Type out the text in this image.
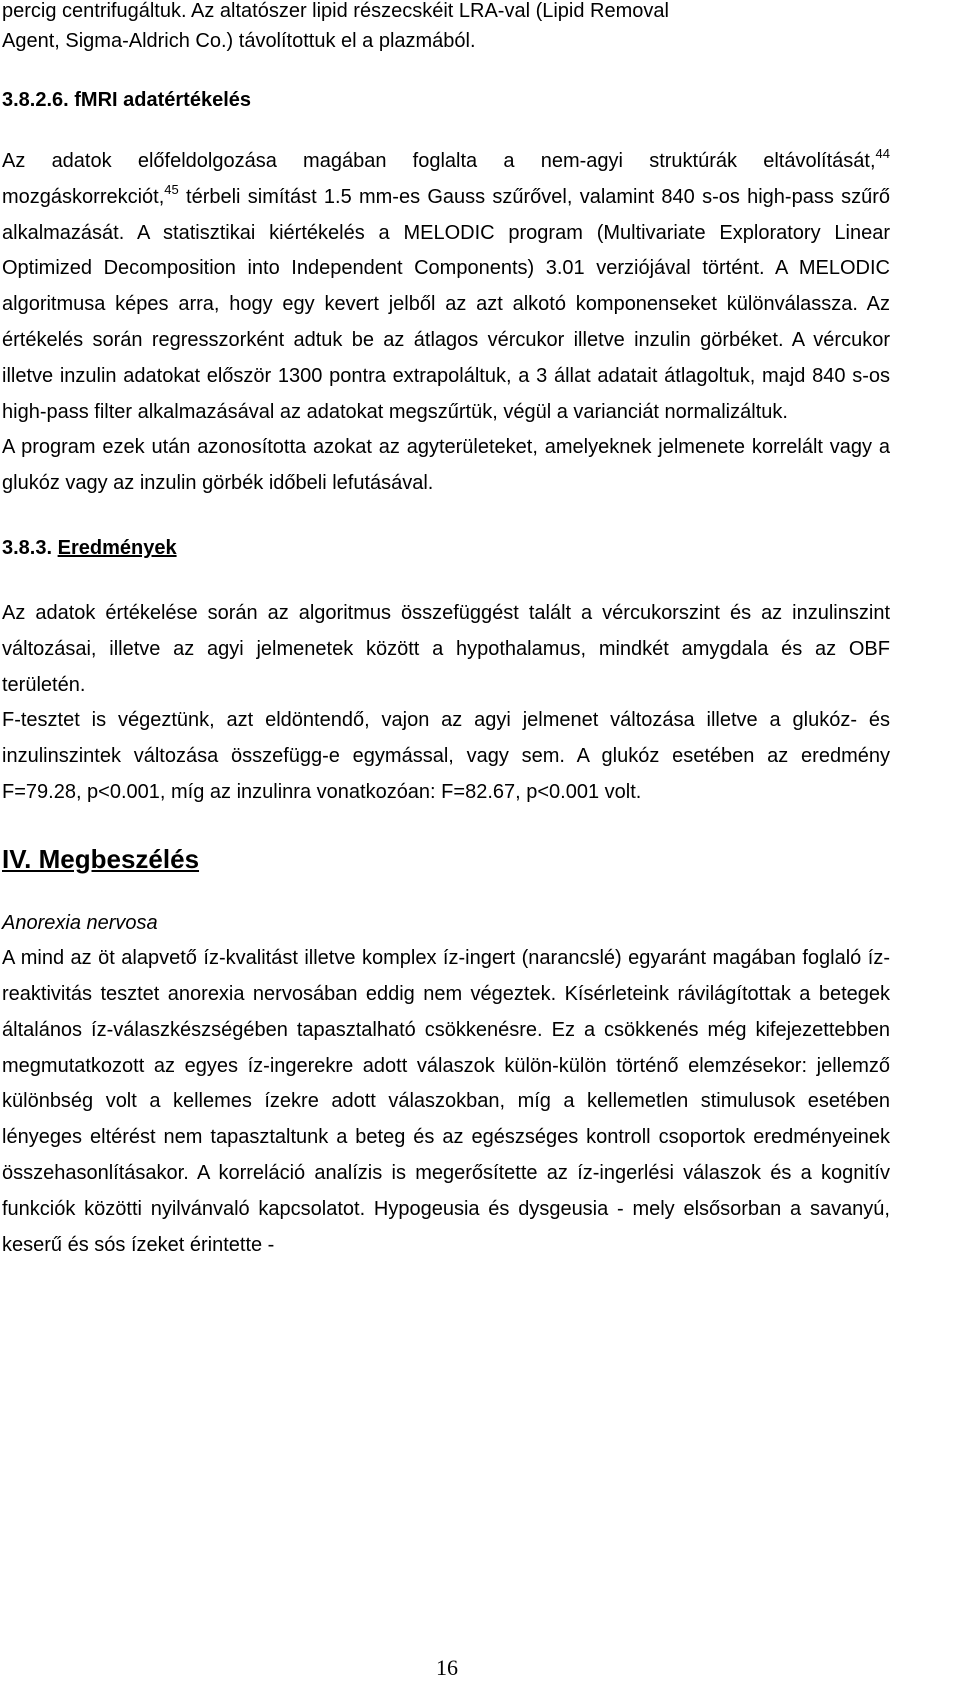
percig centrifugáltuk. Az altatószer lipid részecskéit LRA-val (Lipid Removal

Agent, Sigma-Aldrich Co.) távolítottuk el a plazmából.

3.8.2.6. fMRI adatértékelés

Az adatok előfeldolgozása magában foglalta a nem-agyi struktúrák eltávolítását,$^{44}$ mozgáskorrekciót,$^{45}$ térbeli simítást 1.5 mm-es Gauss szűrővel, valamint 840 s-os high-pass szűrő alkalmazását. A statisztikai kiértékelés a MELODIC program (Multivariate Exploratory Linear Optimized Decomposition into Independent Components) 3.01 verziójával történt. A MELODIC algoritmusa képes arra, hogy egy kevert jelből az azt alkotó komponenseket különválassza. Az értékelés során regresszorként adtuk be az átlagos vércukor illetve inzulin görbéket. A vércukor illetve inzulin adatokat először 1300 pontra extrapoláltuk, a 3 állat adatait átlagoltuk, majd 840 s-os high-pass filter alkalmazásával az adatokat megszűrtük, végül a varianciát normalizáltuk.

A program ezek után azonosította azokat az agyterületeket, amelyeknek jelmenete korrelált vagy a glukóz vagy az inzulin görbék időbeli lefutásával.

3.8.3. Eredmények

Az adatok értékelése során az algoritmus összefüggést talált a vércukorszint és az inzulinszint változásai, illetve az agyi jelmenetek között a hypothalamus, mindkét amygdala és az OBF területén.

F-tesztet is végeztünk, azt eldöntendő, vajon az agyi jelmenet változása illetve a glukóz- és inzulinszintek változása összefügg-e egymással, vagy sem. A glukóz esetében az eredmény F=79.28, p<0.001, míg az inzulinra vonatkozóan: F=82.67, p<0.001 volt.

IV. Megbeszélés

Anorexia nervosa

A mind az öt alapvető íz-kvalitást illetve komplex íz-ingert (narancslé) egyaránt magában foglaló íz-reaktivitás tesztet anorexia nervosában eddig nem végeztek. Kísérleteink rávilágítottak a betegek általános íz-válaszkészségében tapasztalható csökkenésre. Ez a csökkenés még kifejezettebben megmutatkozott az egyes íz-ingerekre adott válaszok külön-külön történő elemzésekor: jellemző különbség volt a kellemes ízekre adott válaszokban, míg a kellemetlen stimulusok esetében lényeges eltérést nem tapasztaltunk a beteg és az egészséges kontroll csoportok eredményeinek összehasonlításakor. A korreláció analízis is megerősítette az íz-ingerlési válaszok és a kognitív funkciók közötti nyilvánvaló kapcsolatot. Hypogeusia és dysgeusia - mely elsősorban a savanyú, keserű és sós ízeket érintette -

16
